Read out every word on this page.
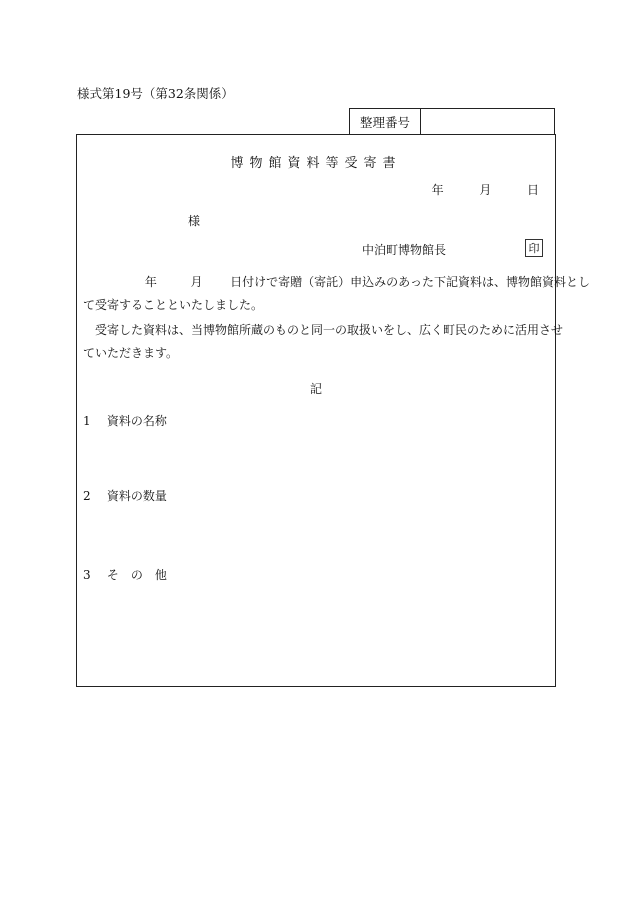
様式第19号（第32条関係）
整理番号
博物館資料等受寄書
年	月	日
様
中泊町博物館長	印
年	月 日付けで寄贈（寄託）申込みのあった下記資料は、博物館資料とし
て受寄することといたしました。
受寄した資料は、当博物館所蔵のものと同一の取扱いをし、広く町民のために活用させ
ていただきます。
記
1 資料の名称
2 資料の数量
3 そ　の　他
